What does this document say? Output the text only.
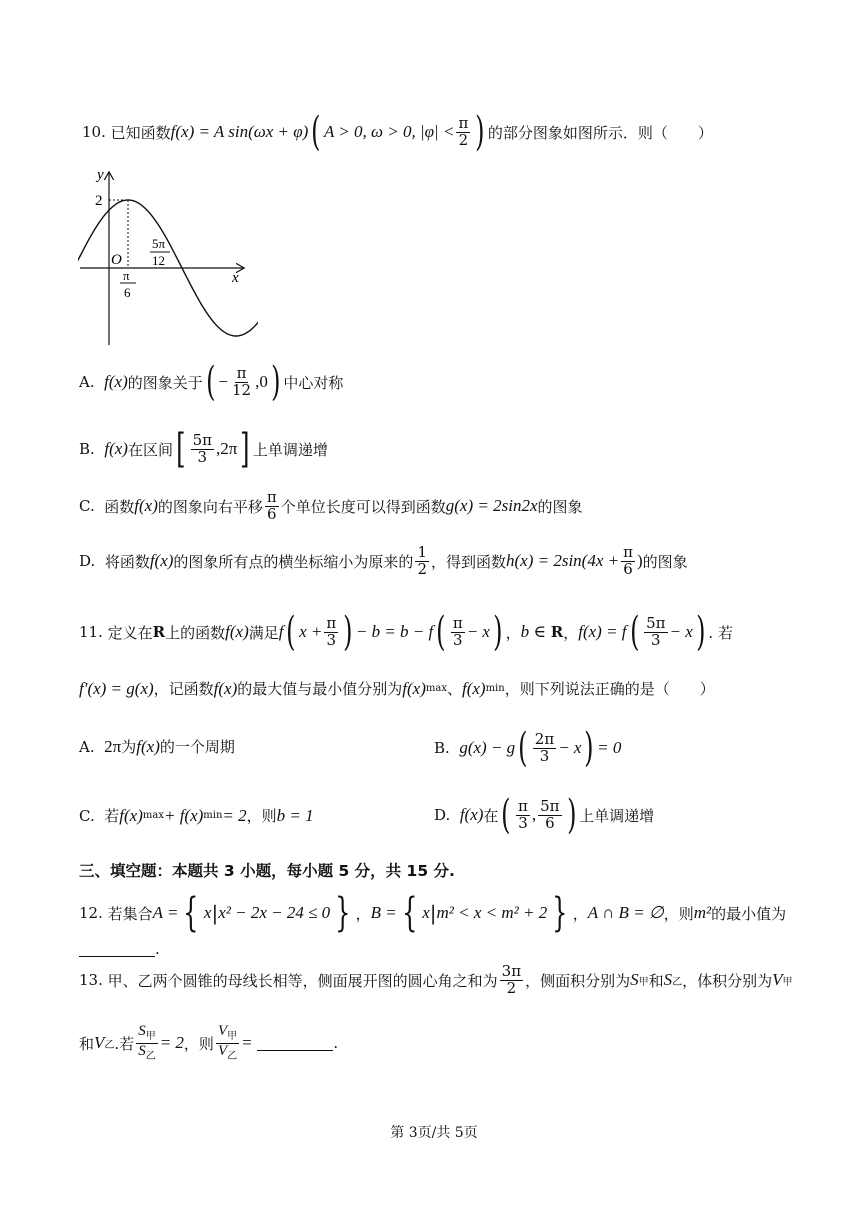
10.
已知函数 f(x) = A sin(ωx + φ) ( A > 0, ω > 0, $|\varphi| < \frac{\pi}{2}$ ) 的部分图象如图所示．则（　　）
y
x
O
2
π
6
5π
12
A.
f(x) 的图象关于 ( − $\frac{\pi}{12} ,0$ ) 中心对称
B.
f(x) 在区间 [ $\frac{5\pi}{3} ,2\pi$ ] 上单调递增
C.
函数 f(x) 的图象向右平移 $\frac{\pi}{6}$ 个单位长度可以得到函数 g(x) = 2sin2x 的图象
D.
将函数 f(x) 的图象所有点的横坐标缩小为原来的 $\frac{1}{2}$ ，得到函数 $h(x) = 2\sin(4x + \frac{\pi}{6}$ ) 的图象
11.
定义在 R 上的函数 f(x) 满足 f ( $x + \frac{\pi}{3}$ ) − b = b − f ( $\frac{\pi}{3} - x$ ) ， b ∈
R ， f(x) = f ( $\frac{5\pi}{3} - x$ ) . 若
f′(x) = g(x) ，记函数 f(x) 的最大值与最小值分别为 f(x) max 、 f(x) min ，则下列说法正确的是（　　）
A.
2π 为 f(x) 的一个周期	B.
g(x) − g ( $\frac{2\pi}{3} - x$ ) = 0
C.
若 f(x) max + f(x) min = 2 ，则 b = 1	D.
f(x) 在 ( $\frac{\pi}{3}$ , $\frac{5\pi}{6}$ ) 上单调递增
三、填空题：本题共 3 小题，每小题 5 分，共 15 分.
12.
若集合 A = { x | x² − 2x − 24 ≤ 0 } ， B = { x | m² < x < m² + 2 } ， A ∩ B = ∅ ，则 m² 的最小值为
.
13.
甲、乙两个圆锥的母线长相等，侧面展开图的圆心角之和为 $\frac{3\pi}{2}$ ，侧面积分别为 S 甲 和 S 乙 ，体积分别为 V 甲
和 V 乙 .若 $\frac{S_甲}{S_乙} = 2$ ，则 $\frac{V_甲}{V_乙}$ =
	.
第 3页/共 5页
